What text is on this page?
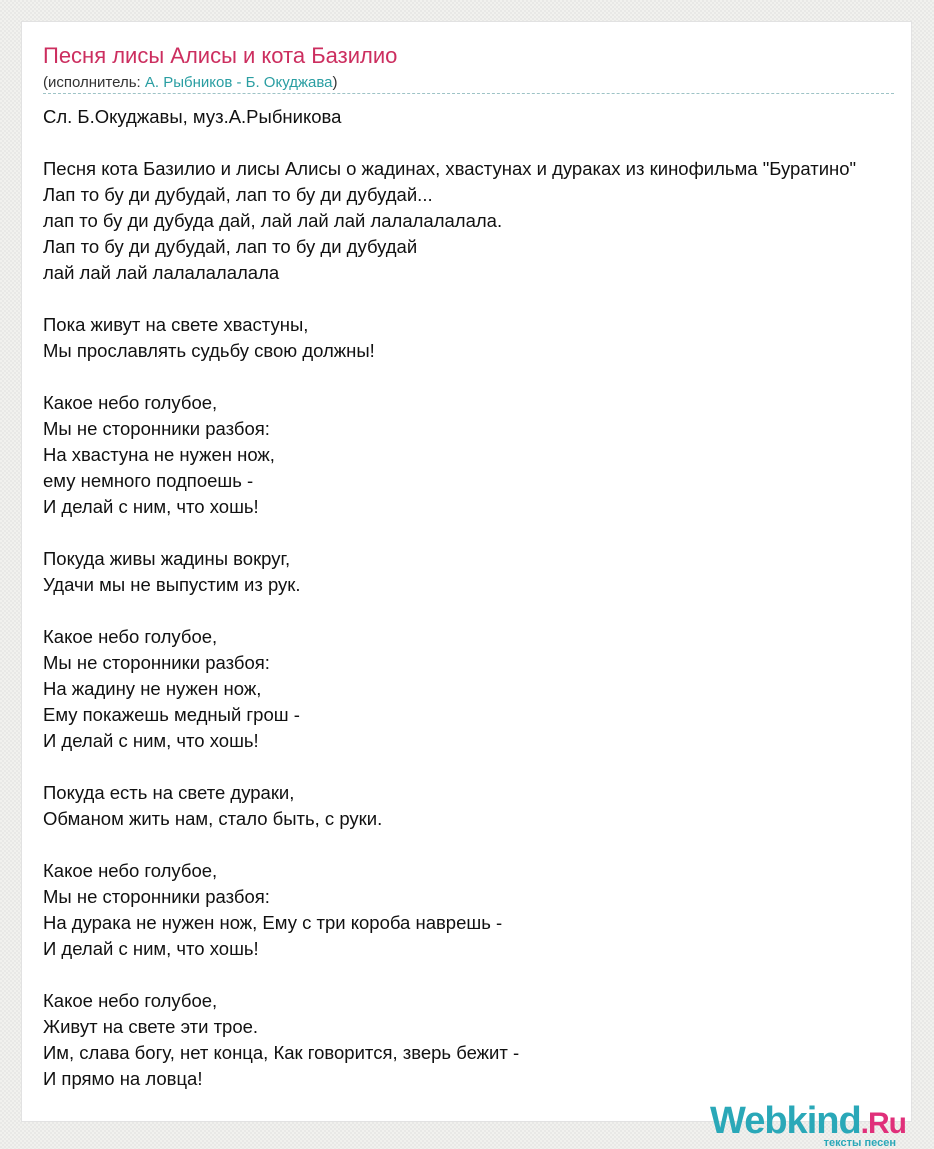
Песня лисы Алисы и кота Базилио
(исполнитель: А. Рыбников - Б. Окуджава)
Сл. Б.Окуджавы, муз.А.Рыбникова
Песня кота Базилио и лисы Алисы о жадинах, хвастунах и дураках из кинофильма "Буратино"
Лап то бу ди дубудай, лап то бу ди дубудай...
лап то бу ди дубуда дай, лай лай лай лалалалалала.
Лап то бу ди дубудай, лап то бу ди дубудай
лай лай лай лалалалалала
Пока живут на свете хвастуны,
Мы прославлять судьбу свою должны!
Какое небо голубое,
Мы не сторонники разбоя:
На хвастуна не нужен нож,
ему немного подпоешь -
И делай с ним, что хошь!
Покуда живы жадины вокруг,
Удачи мы не выпустим из рук.
Какое небо голубое,
Мы не сторонники разбоя:
На жадину не нужен нож,
Ему покажешь медный грош -
И делай с ним, что хошь!
Покуда есть на свете дураки,
Обманом жить нам, стало быть, с руки.
Какое небо голубое,
Мы не сторонники разбоя:
На дурака не нужен нож, Ему с три короба наврешь -
И делай с ним, что хошь!
Какое небо голубое,
Живут на свете эти трое.
Им, слава богу, нет конца, Как говорится, зверь бежит -
И прямо на ловца!
Webkind.Ru
тексты песен
